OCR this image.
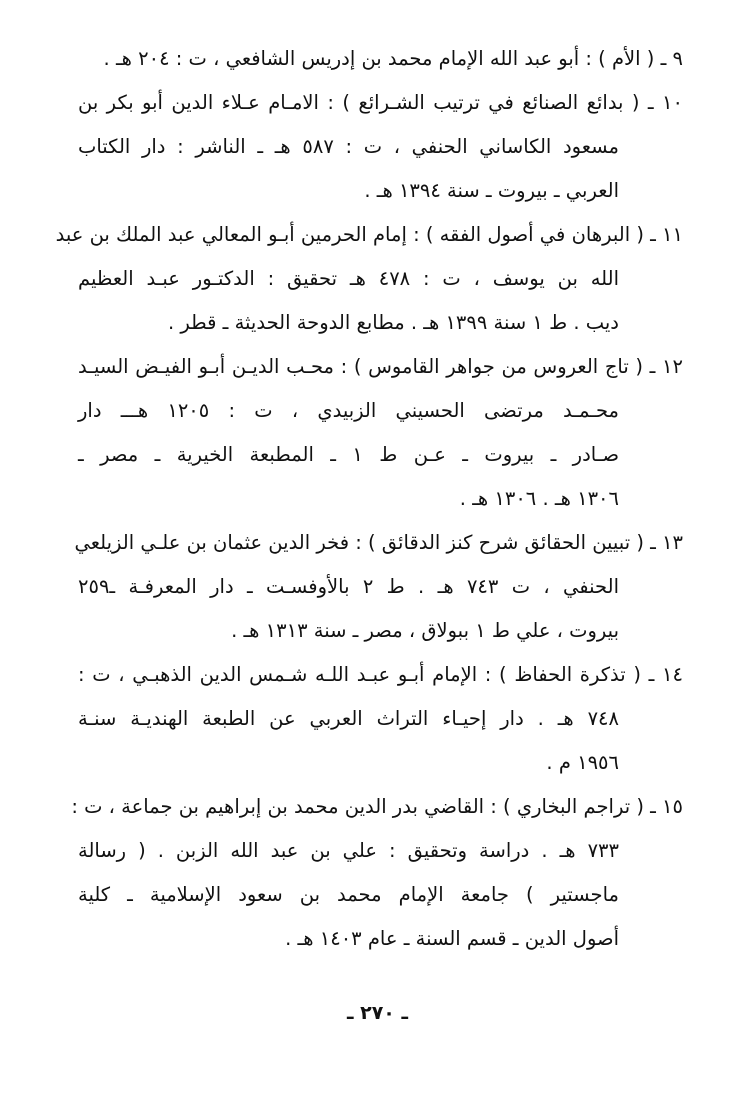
٩ ـ ( الأم ) : أبو عبد الله الإمام محمد بن إدريس الشافعي ، ت : ٢٠٤ هـ .
١٠ ـ ( بدائع الصنائع في ترتيب الشـرائع ) : الامـام عـلاء الدين أبو بكر بن
مسعود الكاساني الحنفي ، ت : ٥٨٧ هـ ـ الناشر : دار الكتاب
العربي ـ بيروت ـ سنة ١٣٩٤ هـ .
١١ ـ ( البرهان في أصول الفقه ) : إمام الحرمين أبـو المعالي عبد الملك بن عبد
الله بن يوسف ، ت : ٤٧٨ هـ تحقيق : الدكتـور عبـد العظيم
ديب . ط ١ سنة ١٣٩٩ هـ . مطابع الدوحة الحديثة ـ قطر .
١٢ ـ ( تاج العروس من جواهر القاموس ) : محـب الديـن أبـو الفيـض السيـد
محـمـد مرتضى الحسيني الزبيدي ، ت : ١٢٠٥ هـــ دار
صـادر ـ بيروت ـ عـن ط ١ ـ المطبعة الخيرية ـ مصر ـ
١٣٠٦ هـ . ١٣٠٦ هـ .
١٣ ـ ( تبيين الحقائق شرح كنز الدقائق ) : فخر الدين عثمان بن علـي الزيلعي
الحنفي ، ت ٧٤٣ هـ . ط ٢ بالأوفسـت ـ دار المعرفـة ـ٢٥٩
بيروت ، علي ط ١ ببولاق ، مصر ـ سنة ١٣١٣ هـ .
١٤ ـ ( تذكرة الحفاظ ) : الإمام أبـو عبـد اللـه شـمس الدين الذهبـي ، ت :
٧٤٨ هـ . دار إحيـاء التراث العربي عن الطبعة الهنديـة سنـة
١٩٥٦ م .
١٥ ـ ( تراجم البخاري ) : القاضي بدر الدين محمد بن إبراهيم بن جماعة ، ت :
٧٣٣ هـ . دراسة وتحقيق : علي بن عبد الله الزبن . ( رسالة
ماجستير ) جامعة الإمام محمد بن سعود الإسلامية ـ كلية
أصول الدين ـ قسم السنة ـ عام ١٤٠٣ هـ .
ـ ٢٧٠ ـ
